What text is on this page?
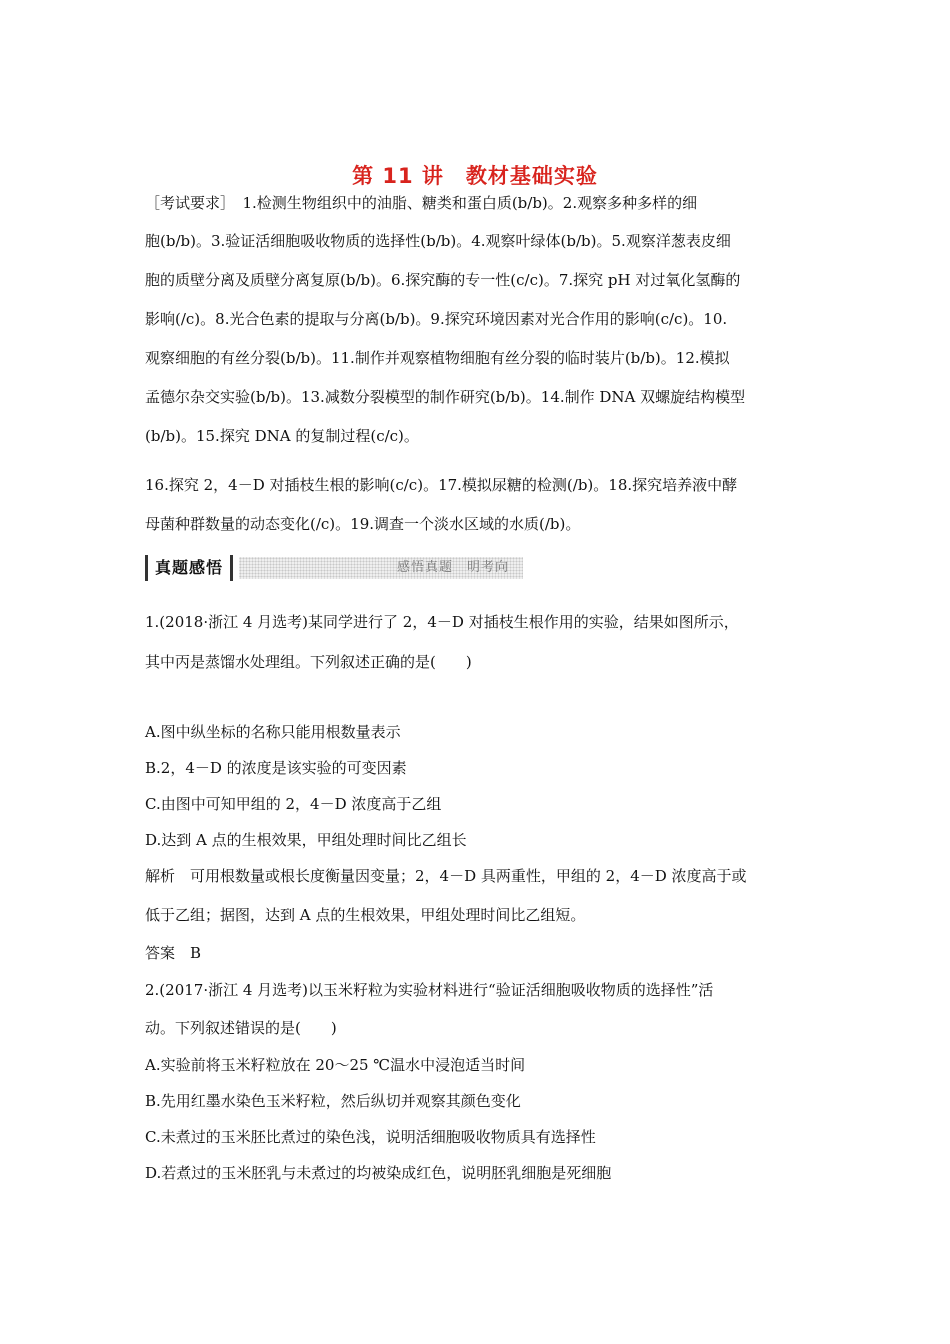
第 11 讲　教材基础实验
［考试要求］　1.检测生物组织中的油脂、糖类和蛋白质(b/b)。2.观察多种多样的细
胞(b/b)。3.验证活细胞吸收物质的选择性(b/b)。4.观察叶绿体(b/b)。5.观察洋葱表皮细
胞的质壁分离及质壁分离复原(b/b)。6.探究酶的专一性(c/c)。7.探究 pH 对过氧化氢酶的
影响(/c)。8.光合色素的提取与分离(b/b)。9.探究环境因素对光合作用的影响(c/c)。10.
观察细胞的有丝分裂(b/b)。11.制作并观察植物细胞有丝分裂的临时装片(b/b)。12.模拟
孟德尔杂交实验(b/b)。13.减数分裂模型的制作研究(b/b)。14.制作 DNA 双螺旋结构模型
(b/b)。15.探究 DNA 的复制过程(c/c)。
16.探究 2，4－D 对插枝生根的影响(c/c)。17.模拟尿糖的检测(/b)。18.探究培养液中酵
母菌种群数量的动态变化(/c)。19.调查一个淡水区域的水质(/b)。
真题感悟	感悟真题　明考向
1.(2018·浙江 4 月选考)某同学进行了 2，4－D 对插枝生根作用的实验，结果如图所示，
其中丙是蒸馏水处理组。下列叙述正确的是(　　)
A.图中纵坐标的名称只能用根数量表示
B.2，4－D 的浓度是该实验的可变因素
C.由图中可知甲组的 2，4－D 浓度高于乙组
D.达到 A 点的生根效果，甲组处理时间比乙组长
解析　可用根数量或根长度衡量因变量；2，4－D 具两重性，甲组的 2，4－D 浓度高于或
低于乙组；据图，达到 A 点的生根效果，甲组处理时间比乙组短。
答案　B
2.(2017·浙江 4 月选考)以玉米籽粒为实验材料进行“验证活细胞吸收物质的选择性”活
动。下列叙述错误的是(　　)
A.实验前将玉米籽粒放在 20～25 ℃温水中浸泡适当时间
B.先用红墨水染色玉米籽粒，然后纵切并观察其颜色变化
C.未煮过的玉米胚比煮过的染色浅，说明活细胞吸收物质具有选择性
D.若煮过的玉米胚乳与未煮过的均被染成红色，说明胚乳细胞是死细胞
